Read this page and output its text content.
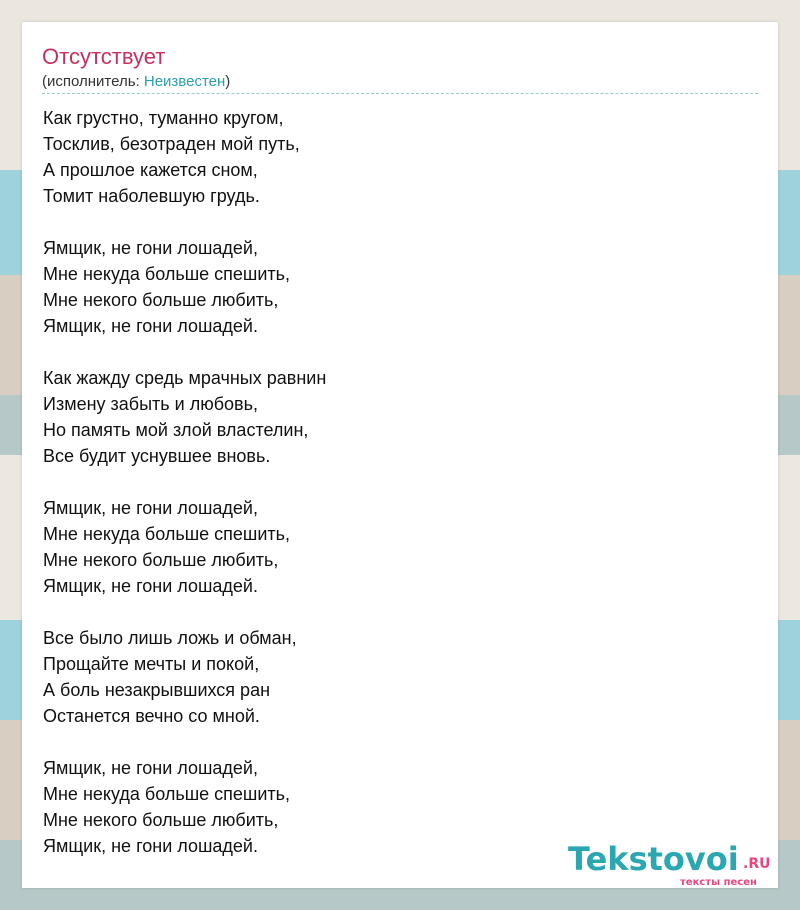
Отсутствует
(исполнитель: Неизвестен)
Как грустно, туманно кругом,
Тосклив, безотраден мой путь,
А прошлое кажется сном,
Томит наболевшую грудь.
Ямщик, не гони лошадей,
Мне некуда больше спешить,
Мне некого больше любить,
Ямщик, не гони лошадей.
Как жажду средь мрачных равнин
Измену забыть и любовь,
Но память мой злой властелин,
Все будит уснувшее вновь.
Ямщик, не гони лошадей,
Мне некуда больше спешить,
Мне некого больше любить,
Ямщик, не гони лошадей.
Все было лишь ложь и обман,
Прощайте мечты и покой,
А боль незакрывшихся ран
Останется вечно со мной.
Ямщик, не гони лошадей,
Мне некуда больше спешить,
Мне некого больше любить,
Ямщик, не гони лошадей.	Tekstovoi .RU
тексты песен
